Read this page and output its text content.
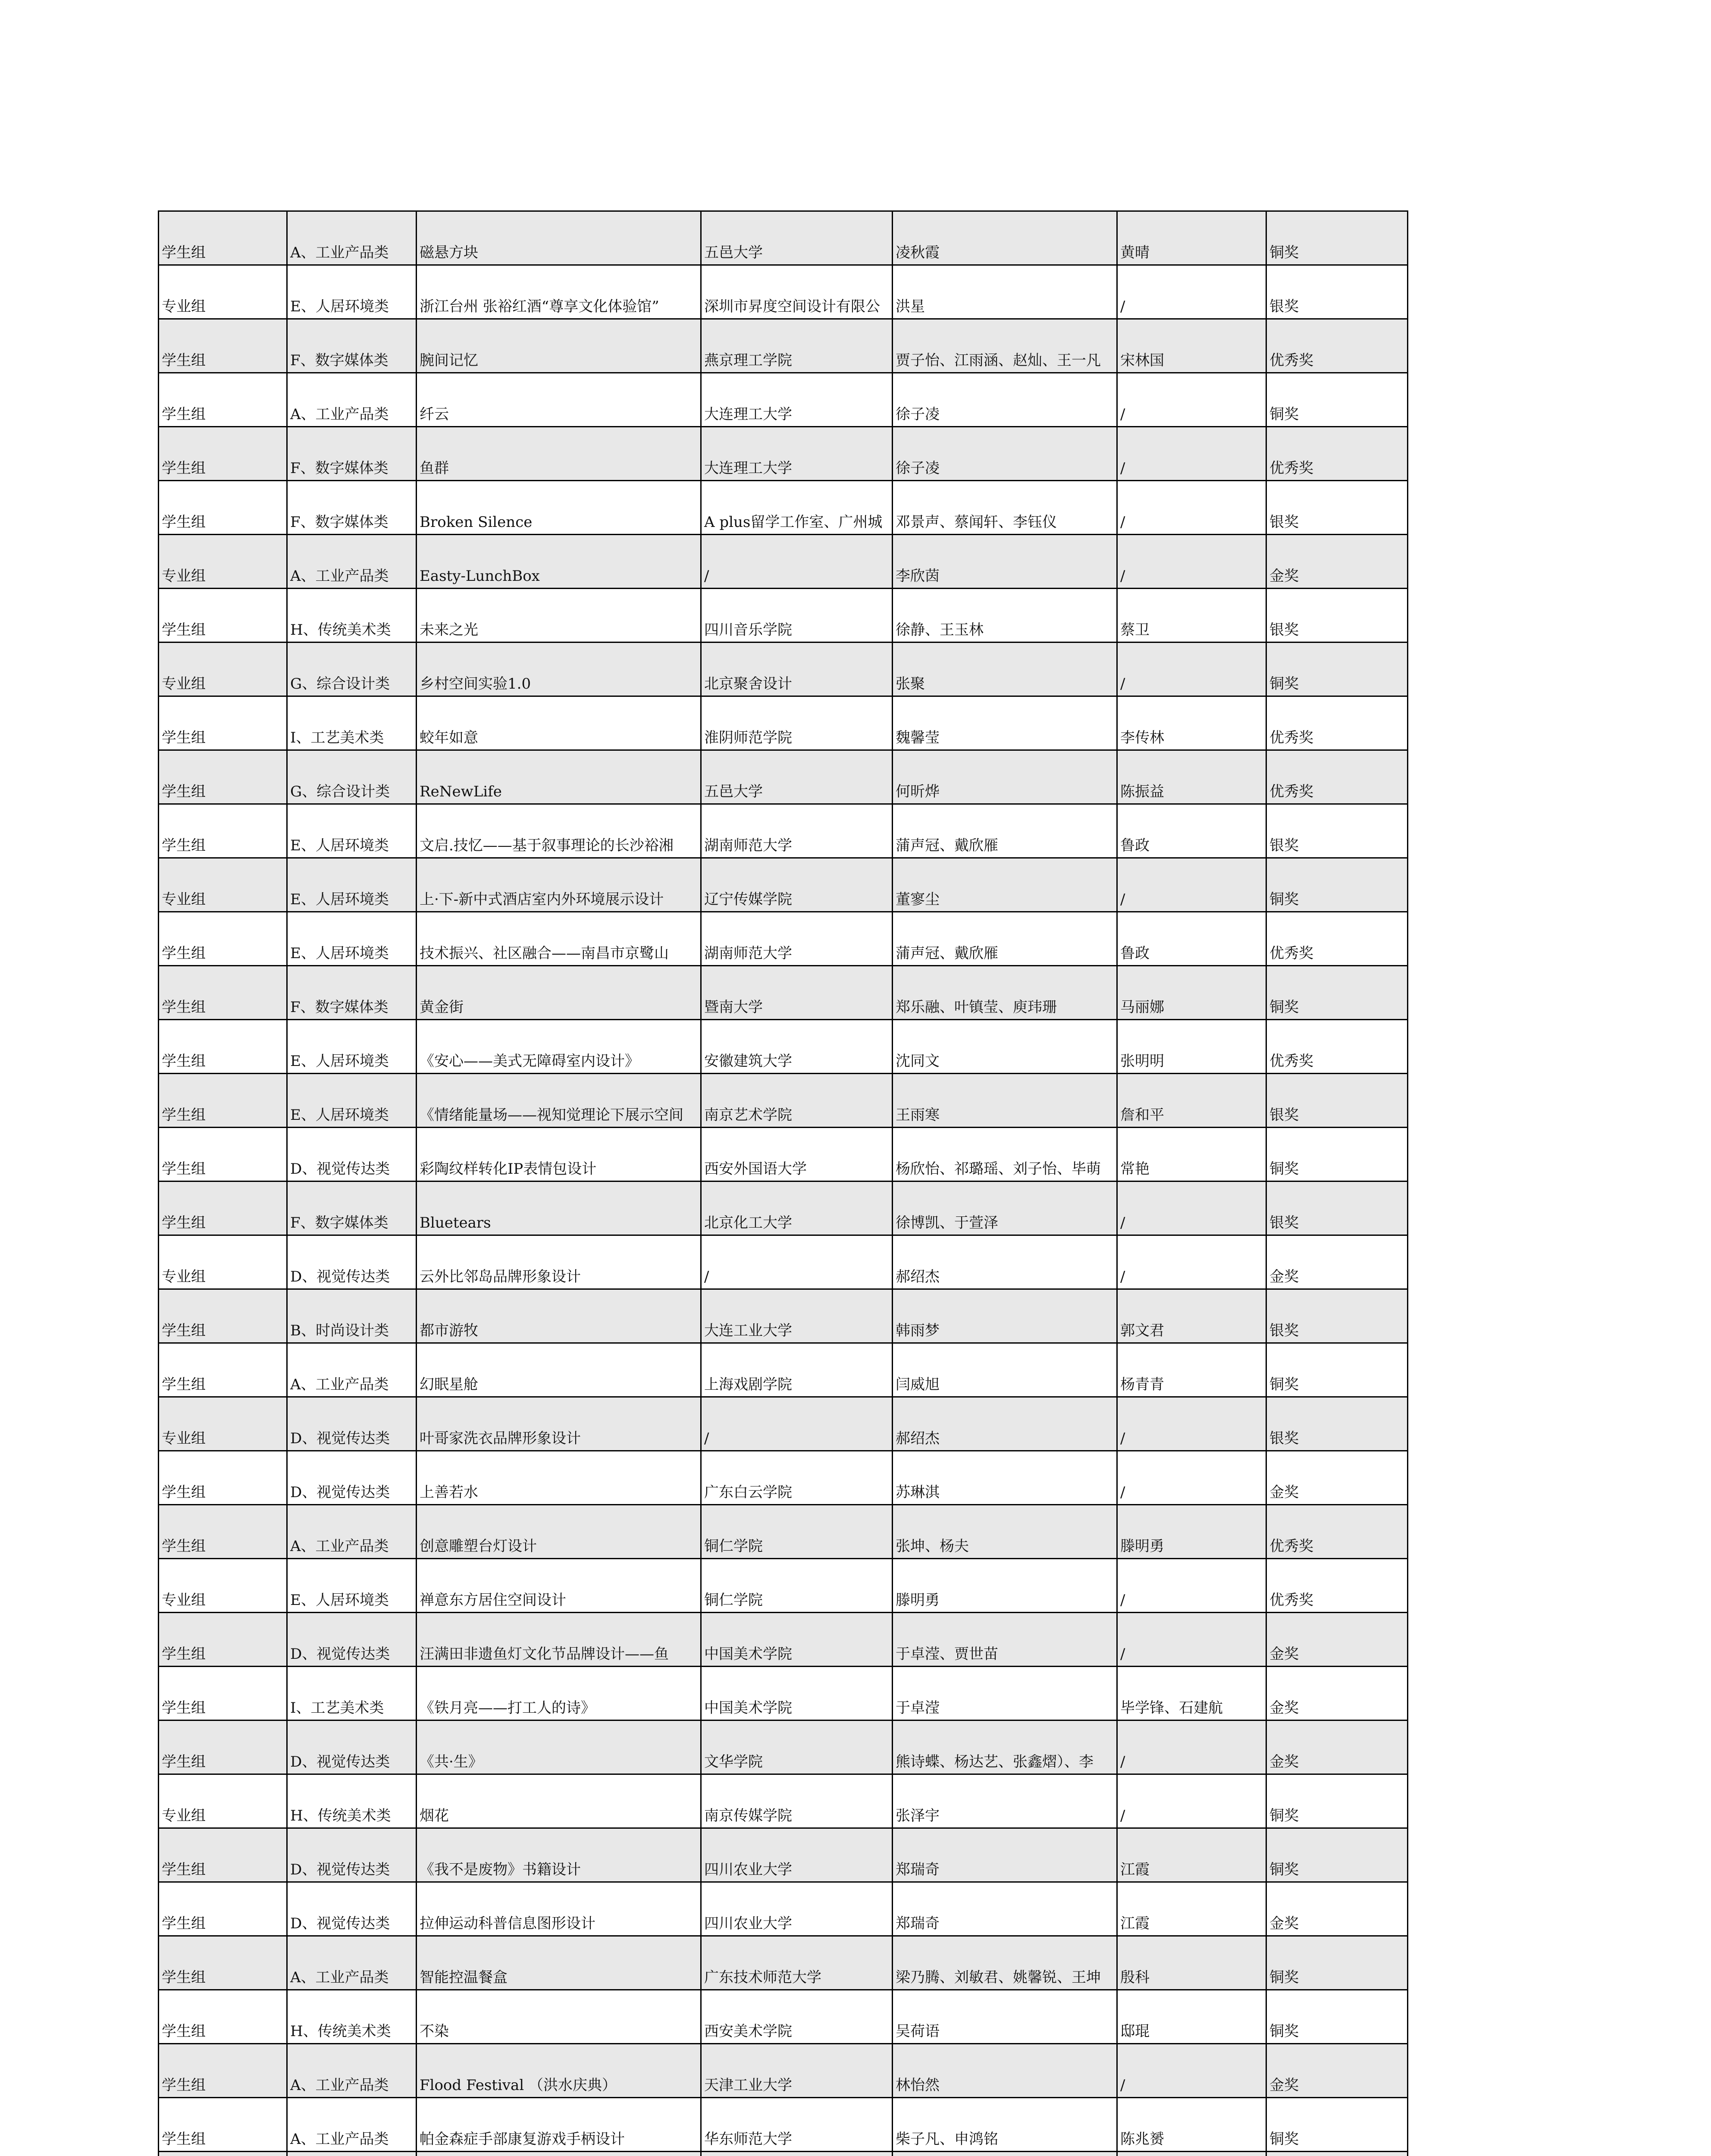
学生组	A、工业产品类	磁悬方块	五邑大学	凌秋霞	黄晴	铜奖
专业组	E、人居环境类	浙江台州 张裕红酒“尊享文化体验馆”	深圳市昇度空间设计有限公	洪星	/	银奖
学生组	F、数字媒体类	腕间记忆	燕京理工学院	贾子怡、江雨涵、赵灿、王一凡	宋林国	优秀奖
学生组	A、工业产品类	纤云	大连理工大学	徐子凌	/	铜奖
学生组	F、数字媒体类	鱼群	大连理工大学	徐子凌	/	优秀奖
学生组	F、数字媒体类	Broken Silence	A plus留学工作室、广州城	邓景声、蔡闻轩、李钰仪	/	银奖
专业组	A、工业产品类	Easty-LunchBox	/	李欣茵	/	金奖
学生组	H、传统美术类	未来之光	四川音乐学院	徐静、王玉林	蔡卫	银奖
专业组	G、综合设计类	乡村空间实验1.0	北京聚舍设计	张聚	/	铜奖
学生组	I、工艺美术类	蛟年如意	淮阴师范学院	魏馨莹	李传林	优秀奖
学生组	G、综合设计类	ReNewLife	五邑大学	何昕烨	陈振益	优秀奖
学生组	E、人居环境类	文启.技忆——基于叙事理论的长沙裕湘	湖南师范大学	蒲声冠、戴欣雁	鲁政	银奖
专业组	E、人居环境类	上·下-新中式酒店室内外环境展示设计	辽宁传媒学院	董寥尘	/	铜奖
学生组	E、人居环境类	技术振兴、社区融合——南昌市京鹭山	湖南师范大学	蒲声冠、戴欣雁	鲁政	优秀奖
学生组	F、数字媒体类	黄金街	暨南大学	郑乐融、叶镇莹、庾玮珊	马丽娜	铜奖
学生组	E、人居环境类	《安心——美式无障碍室内设计》	安徽建筑大学	沈同文	张明明	优秀奖
学生组	E、人居环境类	《情绪能量场——视知觉理论下展示空间	南京艺术学院	王雨寒	詹和平	银奖
学生组	D、视觉传达类	彩陶纹样转化IP表情包设计	西安外国语大学	杨欣怡、祁璐瑶、刘子怡、毕萌	常艳	铜奖
学生组	F、数字媒体类	Bluetears	北京化工大学	徐博凯、于萱泽	/	银奖
专业组	D、视觉传达类	云外比邻岛品牌形象设计	/	郝绍杰	/	金奖
学生组	B、时尚设计类	都市游牧	大连工业大学	韩雨梦	郭文君	银奖
学生组	A、工业产品类	幻眠星舱	上海戏剧学院	闫威旭	杨青青	铜奖
专业组	D、视觉传达类	叶哥家洗衣品牌形象设计	/	郝绍杰	/	银奖
学生组	D、视觉传达类	上善若水	广东白云学院	苏琳淇	/	金奖
学生组	A、工业产品类	创意雕塑台灯设计	铜仁学院	张坤、杨夫	滕明勇	优秀奖
专业组	E、人居环境类	禅意东方居住空间设计	铜仁学院	滕明勇	/	优秀奖
学生组	D、视觉传达类	汪满田非遗鱼灯文化节品牌设计——鱼	中国美术学院	于卓滢、贾世苗	/	金奖
学生组	I、工艺美术类	《铁月亮——打工人的诗》	中国美术学院	于卓滢	毕学锋、石建航	金奖
学生组	D、视觉传达类	《共·生》	文华学院	熊诗蝶、杨达艺、张鑫熠）、李	/	金奖
专业组	H、传统美术类	烟花	南京传媒学院	张泽宇	/	铜奖
学生组	D、视觉传达类	《我不是废物》书籍设计	四川农业大学	郑瑞奇	江霞	铜奖
学生组	D、视觉传达类	拉伸运动科普信息图形设计	四川农业大学	郑瑞奇	江霞	金奖
学生组	A、工业产品类	智能控温餐盒	广东技术师范大学	梁乃腾、刘敏君、姚馨锐、王坤	殷科	铜奖
学生组	H、传统美术类	不染	西安美术学院	吴荷语	邸琨	铜奖
学生组	A、工业产品类	Flood Festival （洪水庆典）	天津工业大学	林怡然	/	金奖
学生组	A、工业产品类	帕金森症手部康复游戏手柄设计	华东师范大学	柴子凡、申鸿铭	陈兆赟	铜奖
